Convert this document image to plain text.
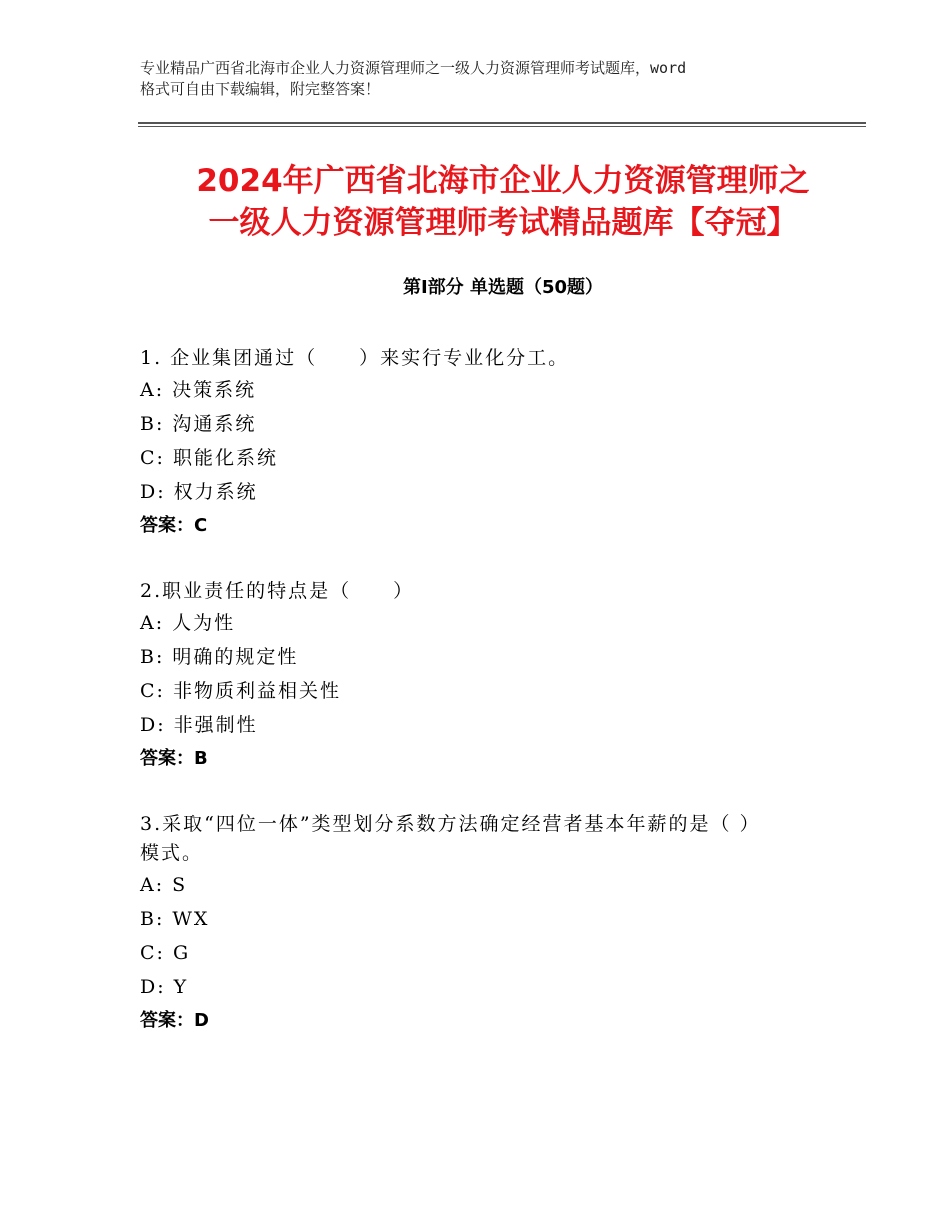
专业精品广西省北海市企业人力资源管理师之一级人力资源管理师考试题库，word
格式可自由下载编辑，附完整答案！
2024年广西省北海市企业人力资源管理师之
一级人力资源管理师考试精品题库【夺冠】
第Ⅰ部分 单选题（50题）
1. 企业集团通过（　　）来实行专业化分工。
A: 决策系统
B: 沟通系统
C: 职能化系统
D: 权力系统
答案：C
2.职业责任的特点是（　　）
A: 人为性
B: 明确的规定性
C: 非物质利益相关性
D: 非强制性
答案：B
3.采取“四位一体”类型划分系数方法确定经营者基本年薪的是（ ）
模式。
A: S
B: WX
C: G
D: Y
答案：D
